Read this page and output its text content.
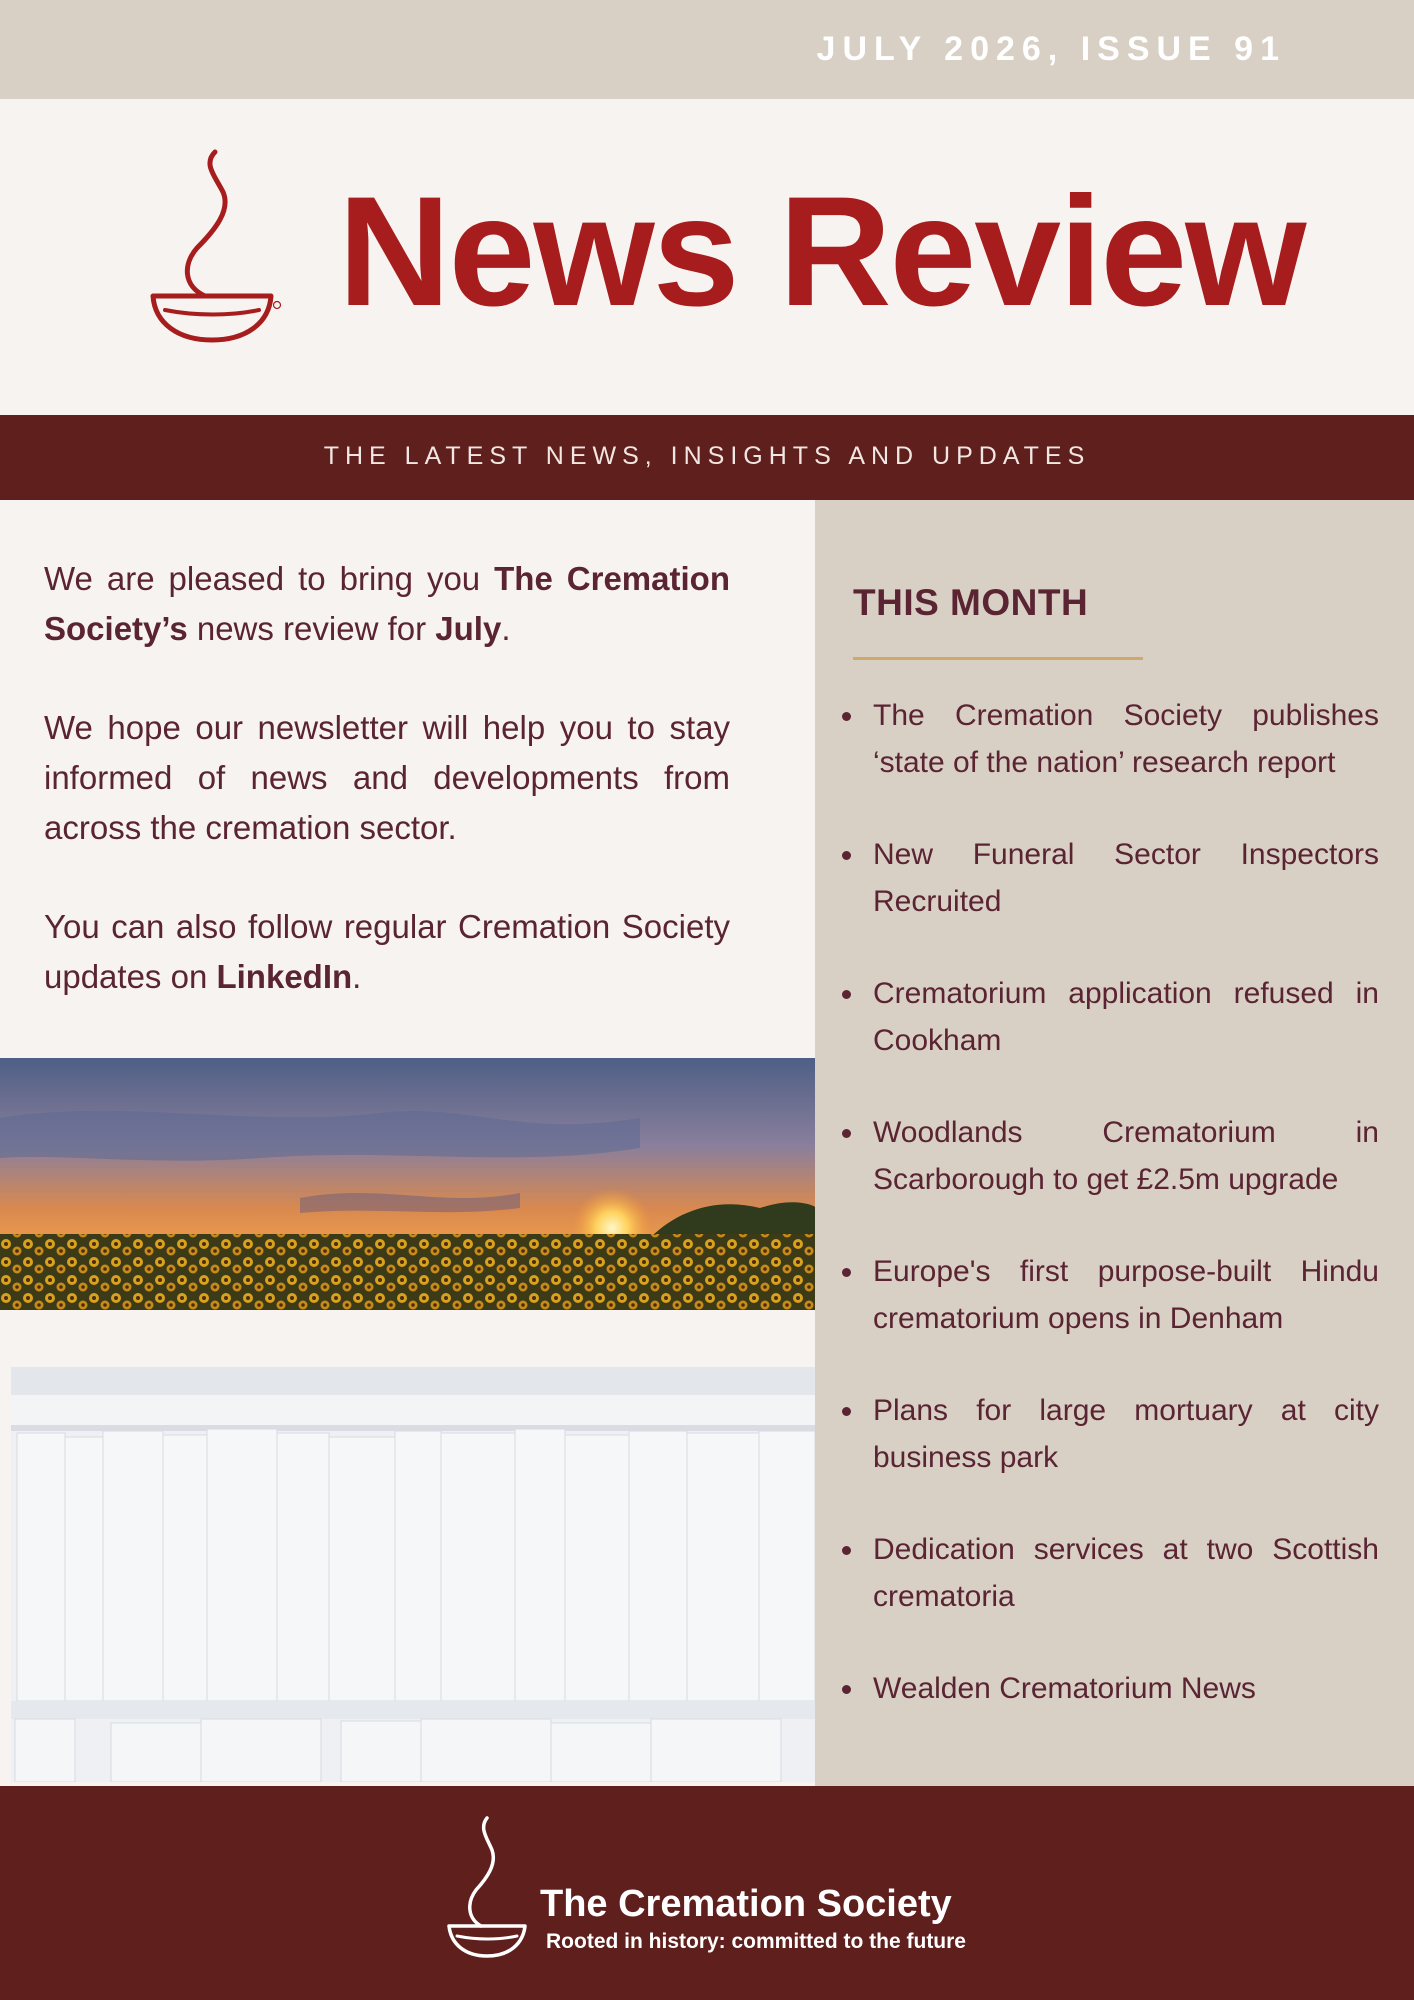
JULY 2026, ISSUE 91
News Review
THE LATEST NEWS, INSIGHTS AND UPDATES

We are pleased to bring you The Cremation Society’s news review for July.

We hope our newsletter will help you to stay informed of news and developments from across the cremation sector.

You can also follow regular Cremation Society updates on LinkedIn.

THIS MONTH
The Cremation Society publishes ‘state of the nation’ research report
New Funeral Sector Inspectors Recruited
Crematorium application refused in Cookham
Woodlands Crematorium in Scarborough to get £2.5m upgrade
Europe's first purpose-built Hindu crematorium opens in Denham
Plans for large mortuary at city business park
Dedication services at two Scottish crematoria
Wealden Crematorium News
The Cremation Society
Rooted in history: committed to the future
